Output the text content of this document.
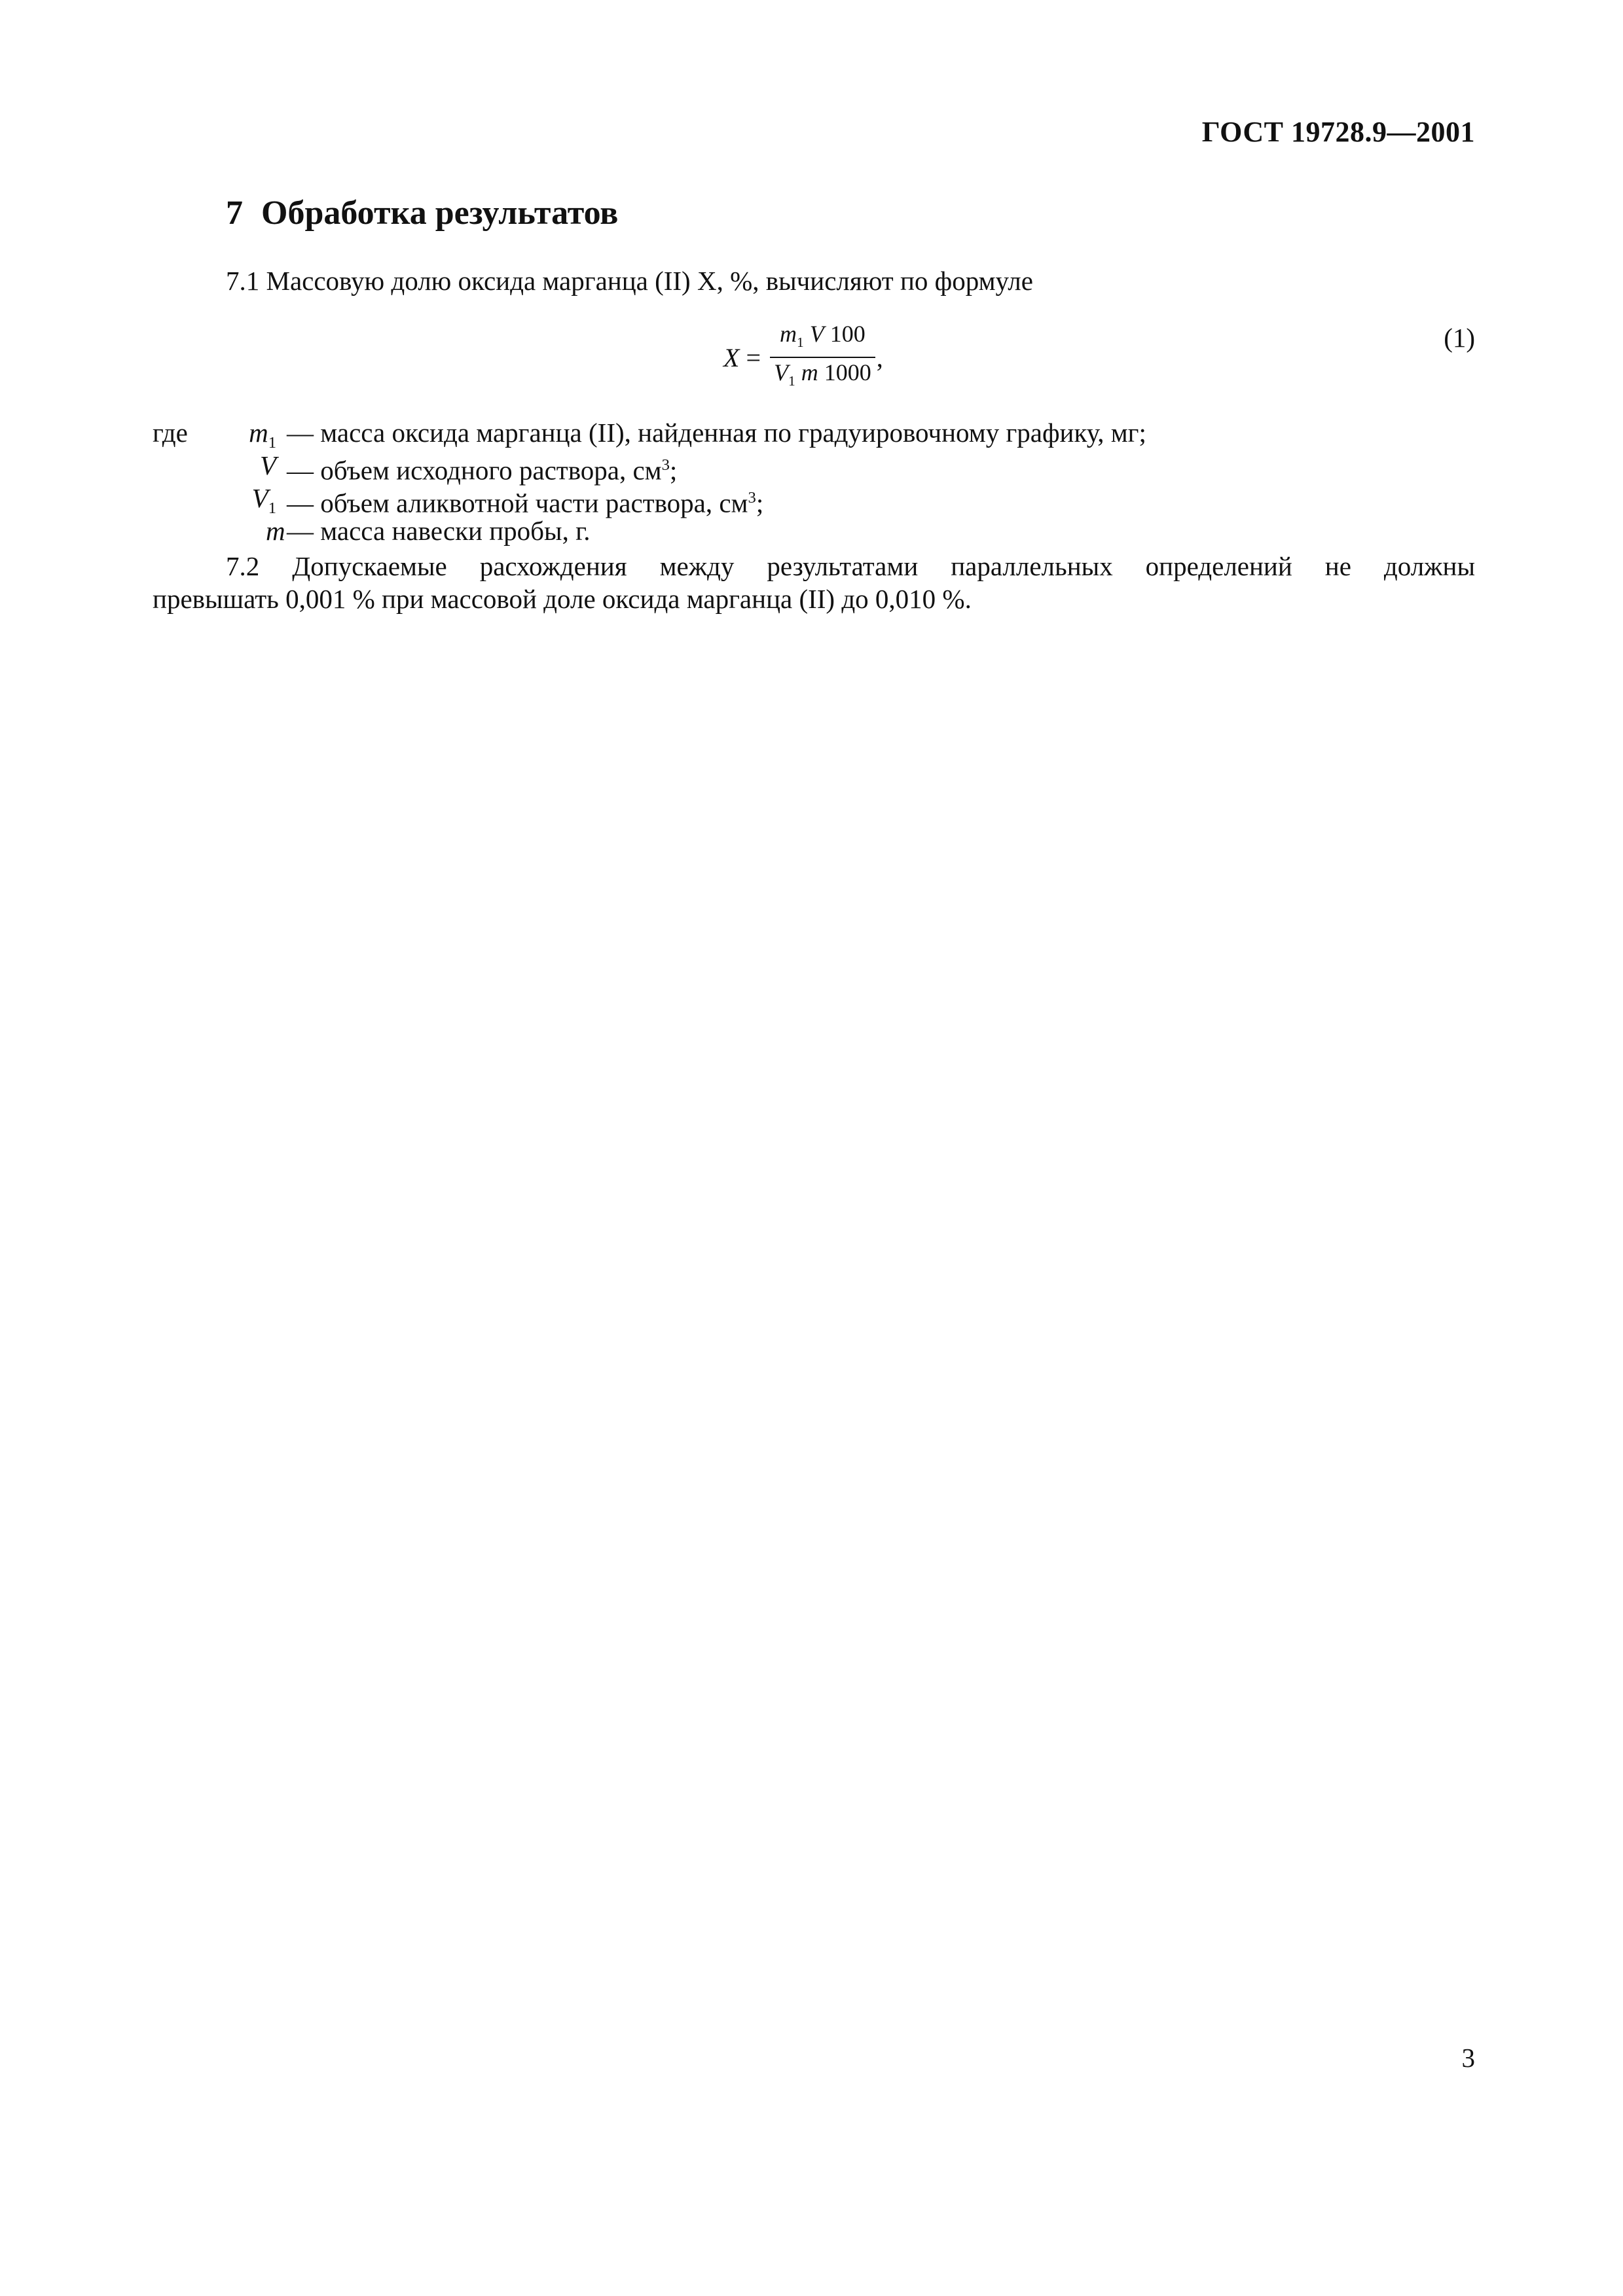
ГОСТ 19728.9—2001
7 Обработка результатов
7.1 Массовую долю оксида марганца (II) X, %, вычисляют по формуле
$X = \frac{m_1 V 100}{V_1 m 1000}$ ,
(1)
где	$m_1$ — масса оксида марганца (II), найденная по градуировочному графику, мг;
V — объем исходного раствора, $см^3$;
$V_1$ — объем аликвотной части раствора, $см^3$;
m — масса навески пробы, г.
7.2 Допускаемые расхождения между результатами параллельных определений не должны
превышать 0,001 % при массовой доле оксида марганца (II) до 0,010 %.
3
